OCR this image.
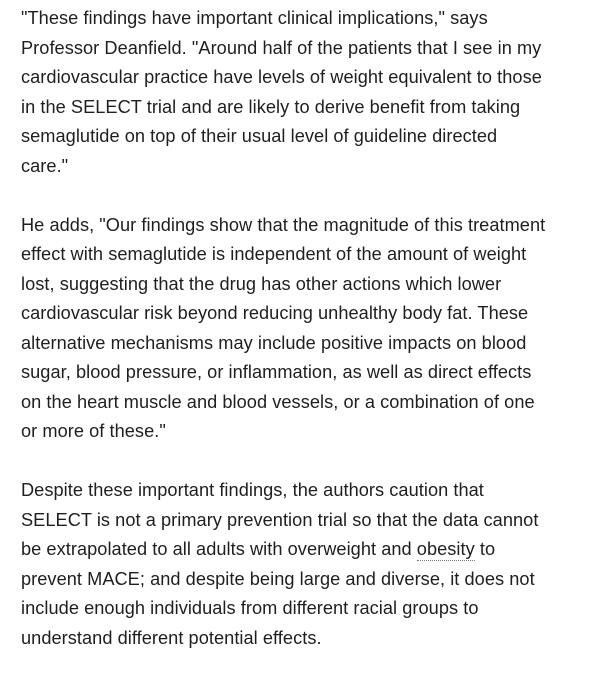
"These findings have important clinical implications," says
Professor Deanfield. "Around half of the patients that I see in my
cardiovascular practice have levels of weight equivalent to those
in the SELECT trial and are likely to derive benefit from taking
semaglutide on top of their usual level of guideline directed
care."

He adds, "Our findings show that the magnitude of this treatment
effect with semaglutide is independent of the amount of weight
lost, suggesting that the drug has other actions which lower
cardiovascular risk beyond reducing unhealthy body fat. These
alternative mechanisms may include positive impacts on blood
sugar, blood pressure, or inflammation, as well as direct effects
on the heart muscle and blood vessels, or a combination of one
or more of these."

Despite these important findings, the authors caution that
SELECT is not a primary prevention trial so that the data cannot
be extrapolated to all adults with overweight and obesity to
prevent MACE; and despite being large and diverse, it does not
include enough individuals from different racial groups to
understand different potential effects.
